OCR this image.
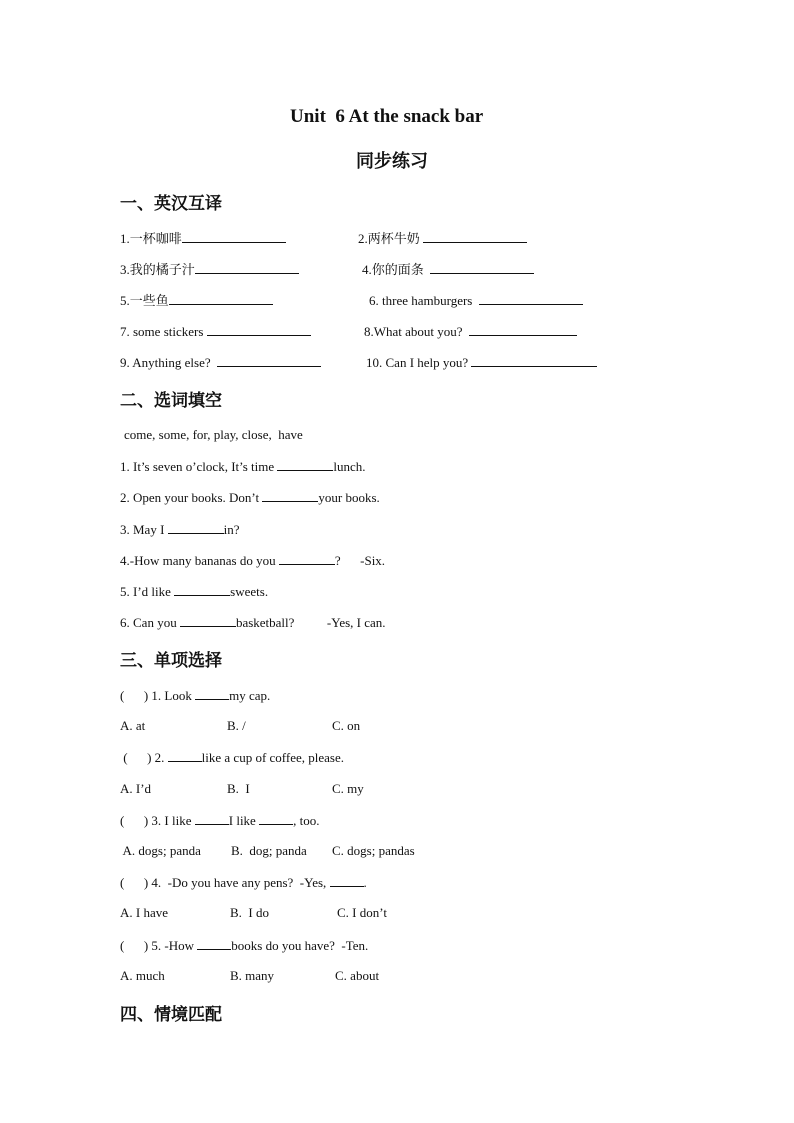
Unit  6 At the snack bar
同步练习
一、英汉互译
1.一杯咖啡	2.两杯牛奶
3.我的橘子汁	4.你的面条
5.一些鱼	6. three hamburgers
7. some stickers	8.What about you?
9. Anything else?	10. Can I help you?
二、选词填空
come, some, for, play, close,  have
1. It’s seven o’clock, It’s time	lunch.
2. Open your books. Don’t	your books.
3. May I	in?
4.-How many bananas do you	?      -Six.
5. I’d like	sweets.
6. Can you	basketball?          -Yes, I can.
三、单项选择
(      ) 1. Look	my cap.
A. at	B. /	C. on
(      ) 2.	like a cup of coffee, please.
A. I’d	B.  I	C. my
(      ) 3. I like	I like	, too.
A. dogs; panda B.  dog; panda C. dogs; pandas
(      ) 4.  -Do you have any pens?  -Yes,	.
A. I have	B.  I do	C. I don’t
(      ) 5. -How	books do you have?  -Ten.
A. much	B. many	C. about
四、情境匹配
